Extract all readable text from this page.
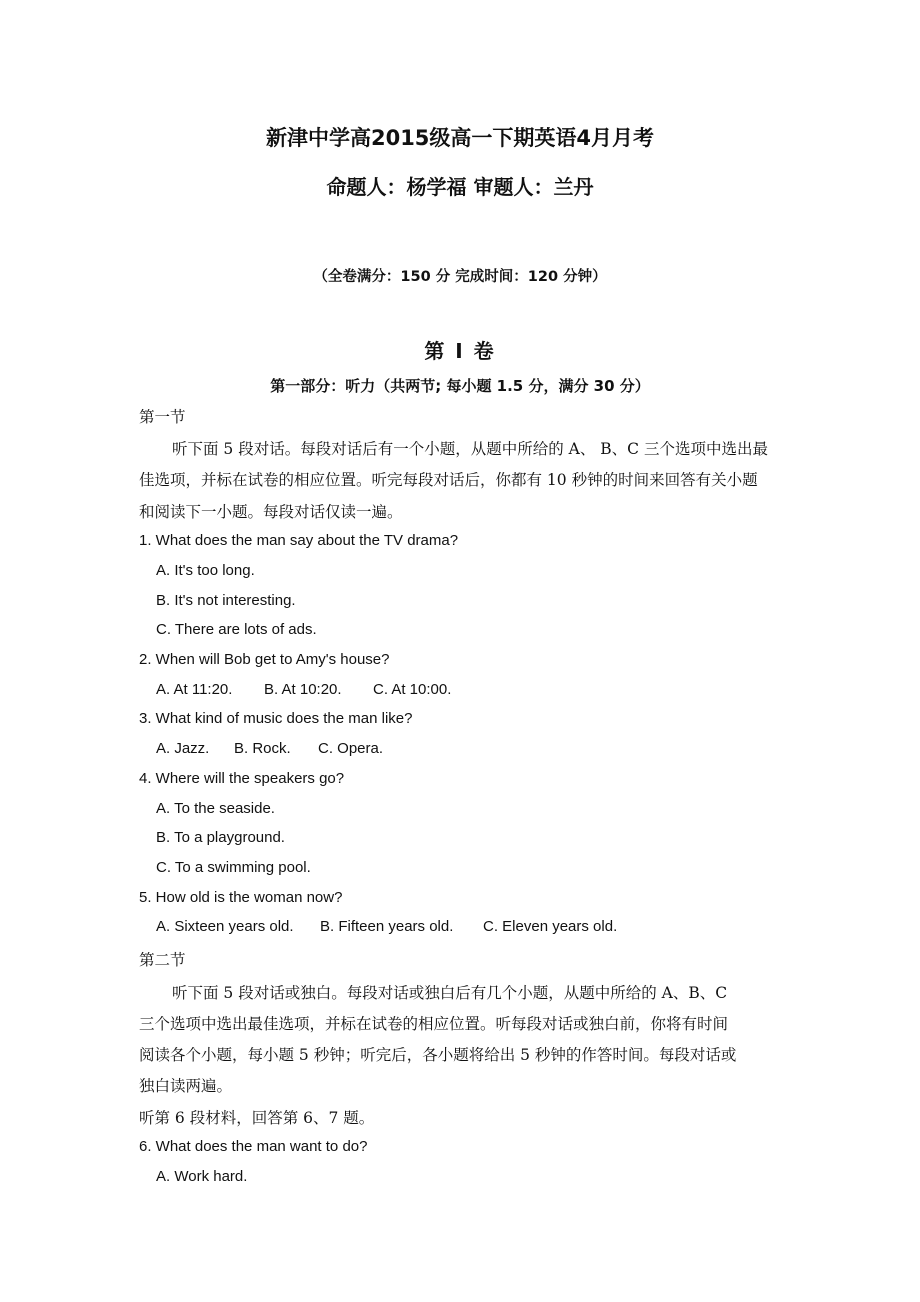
新津中学高2015级高一下期英语4月月考
命题人：杨学福 审题人：兰丹
（全卷满分：150 分 完成时间：120 分钟）
第 I 卷
第一部分：听力（共两节; 每小题 1.5 分，满分 30 分）
第一节
听下面 5 段对话。每段对话后有一个小题，从题中所给的 A、 B、C 三个选项中选出最
佳选项，并标在试卷的相应位置。听完每段对话后，你都有 10 秒钟的时间来回答有关小题
和阅读下一小题。每段对话仅读一遍。
1. What does the man say about the TV drama?
A. It's too long.
B. It's not interesting.
C. There are lots of ads.
2. When will Bob get to Amy's house?
A. At 11:20. B. At 10:20. C. At 10:00.
3. What kind of music does the man like?
A. Jazz. B. Rock. C. Opera.
4. Where will the speakers go?
A. To the seaside.
B. To a playground.
C. To a swimming pool.
5. How old is the woman now?
A. Sixteen years old. B. Fifteen years old. C. Eleven years old.
第二节
听下面 5 段对话或独白。每段对话或独白后有几个小题，从题中所给的 A、B、C
三个选项中选出最佳选项，并标在试卷的相应位置。听每段对话或独白前，你将有时间
阅读各个小题，每小题 5 秒钟；听完后，各小题将给出 5 秒钟的作答时间。每段对话或
独白读两遍。
听第 6 段材料，回答第 6、7 题。
6. What does the man want to do?
A. Work hard.
